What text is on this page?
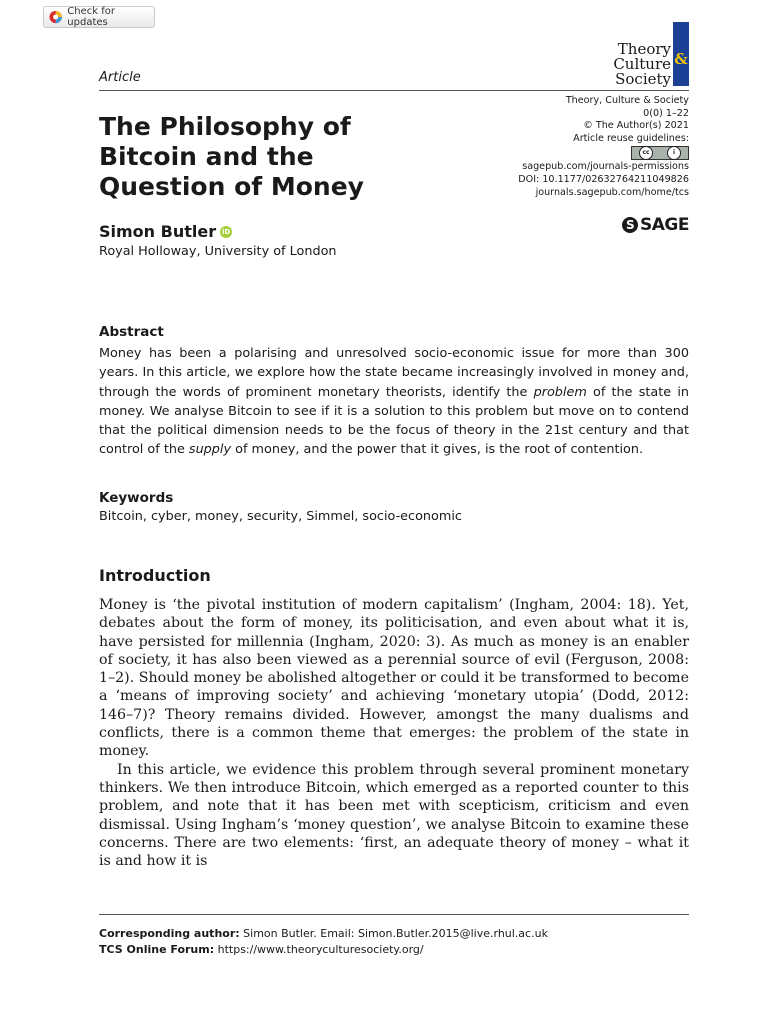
Check for updates
Theory
Culture
Society
&
Article
Theory, Culture & Society
0(0) 1–22
© The Author(s) 2021
Article reuse guidelines:
cc	i
sagepub.com/journals-permissions
DOI: 10.1177/02632764211049826
journals.sagepub.com/home/tcs
S SAGE
The Philosophy of Bitcoin and the Question of Money
Simon Butler iD
Royal Holloway, University of London
Abstract
Money has been a polarising and unresolved socio-economic issue for more than 300 years. In this article, we explore how the state became increasingly involved in money and, through the words of prominent monetary theorists, identify the problem of the state in money. We analyse Bitcoin to see if it is a solution to this problem but move on to contend that the political dimension needs to be the focus of theory in the 21st century and that control of the supply of money, and the power that it gives, is the root of contention.
Keywords
Bitcoin, cyber, money, security, Simmel, socio-economic
Introduction

Money is ‘the pivotal institution of modern capitalism’ (Ingham, 2004: 18). Yet, debates about the form of money, its politicisation, and even about what it is, have persisted for millennia (Ingham, 2020: 3). As much as money is an enabler of society, it has also been viewed as a perennial source of evil (Ferguson, 2008: 1–2). Should money be abolished altogether or could it be transformed to become a ‘means of improving society’ and achieving ‘monetary utopia’ (Dodd, 2012: 146–7)? Theory remains divided. However, amongst the many dualisms and conflicts, there is a common theme that emerges: the problem of the state in money.

In this article, we evidence this problem through several prominent monetary thinkers. We then introduce Bitcoin, which emerged as a reported counter to this problem, and note that it has been met with scepticism, criticism and even dismissal. Using Ingham’s ‘money question’, we analyse Bitcoin to examine these concerns. There are two elements: ‘first, an adequate theory of money – what it is and how it is

Corresponding author: Simon Butler. Email: Simon.Butler.2015@live.rhul.ac.uk
TCS Online Forum: https://www.theoryculturesociety.org/
